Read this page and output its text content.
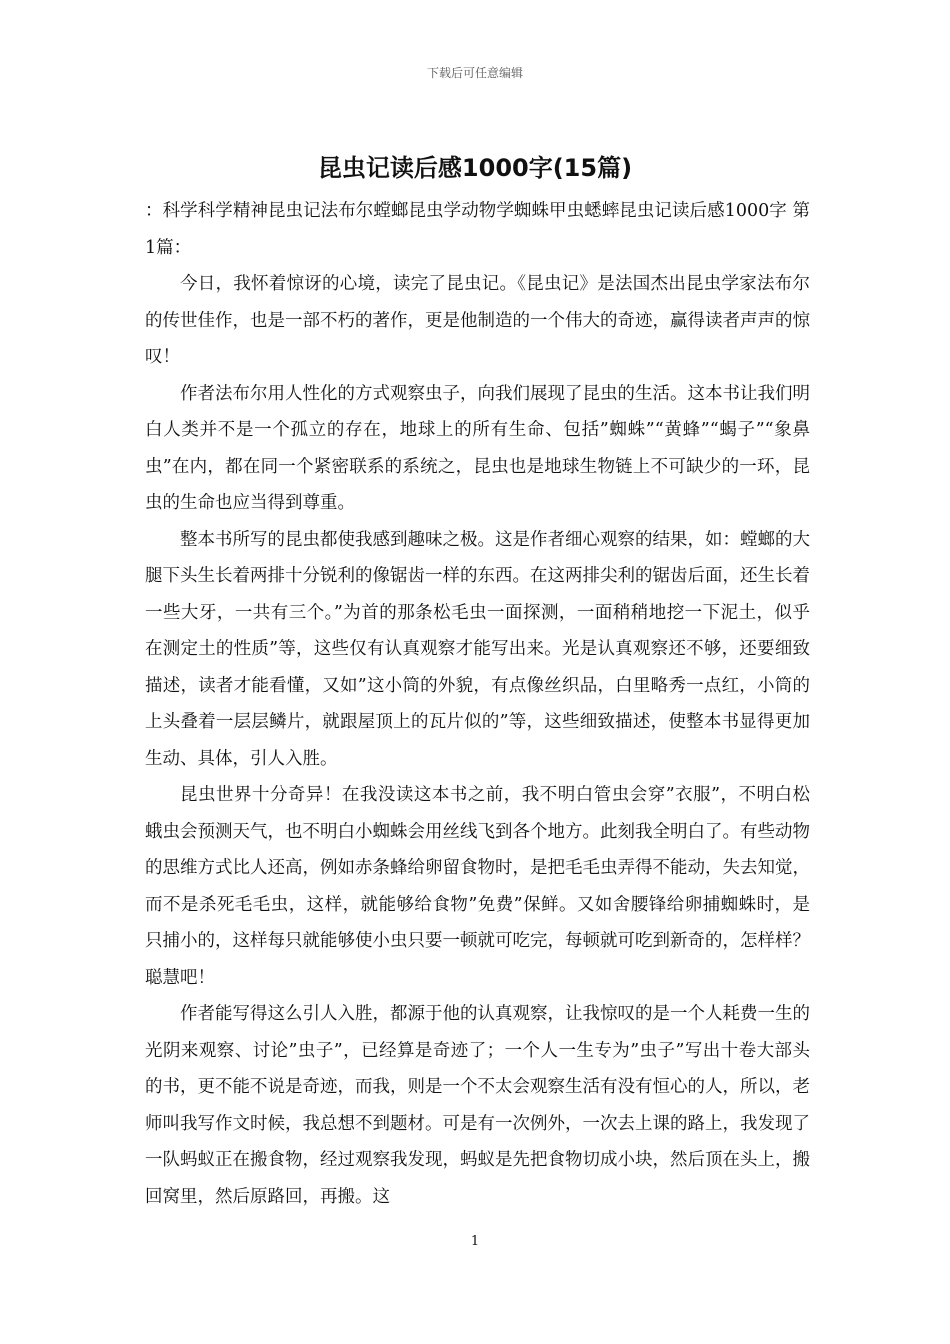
下载后可任意编辑
昆虫记读后感1000字(15篇)

：科学科学精神昆虫记法布尔螳螂昆虫学动物学蜘蛛甲虫蟋蟀昆虫记读后感1000字 第1篇：

今日，我怀着惊讶的心境，读完了昆虫记。《昆虫记》是法国杰出昆虫学家法布尔的传世佳作，也是一部不朽的著作，更是他制造的一个伟大的奇迹，赢得读者声声的惊叹！

作者法布尔用人性化的方式观察虫子，向我们展现了昆虫的生活。这本书让我们明白人类并不是一个孤立的存在，地球上的所有生命、包括”蜘蛛”“黄蜂”“蝎子”“象鼻虫”在内，都在同一个紧密联系的系统之，昆虫也是地球生物链上不可缺少的一环，昆虫的生命也应当得到尊重。

整本书所写的昆虫都使我感到趣味之极。这是作者细心观察的结果，如：螳螂的大腿下头生长着两排十分锐利的像锯齿一样的东西。在这两排尖利的锯齿后面，还生长着一些大牙，一共有三个。”为首的那条松毛虫一面探测，一面稍稍地挖一下泥土，似乎在测定土的性质”等，这些仅有认真观察才能写出来。光是认真观察还不够，还要细致描述，读者才能看懂，又如”这小筒的外貌，有点像丝织品，白里略秀一点红，小筒的上头叠着一层层鳞片，就跟屋顶上的瓦片似的”等，这些细致描述，使整本书显得更加生动、具体，引人入胜。

昆虫世界十分奇异！在我没读这本书之前，我不明白管虫会穿”衣服”，不明白松蛾虫会预测天气，也不明白小蜘蛛会用丝线飞到各个地方。此刻我全明白了。有些动物的思维方式比人还高，例如赤条蜂给卵留食物时，是把毛毛虫弄得不能动，失去知觉，而不是杀死毛毛虫，这样，就能够给食物”免费”保鲜。又如舍腰锋给卵捕蜘蛛时，是只捕小的，这样每只就能够使小虫只要一顿就可吃完，每顿就可吃到新奇的，怎样样？聪慧吧！

作者能写得这么引人入胜，都源于他的认真观察，让我惊叹的是一个人耗费一生的光阴来观察、讨论”虫子”，已经算是奇迹了；一个人一生专为”虫子”写出十卷大部头的书，更不能不说是奇迹，而我，则是一个不太会观察生活有没有恒心的人，所以，老师叫我写作文时候，我总想不到题材。可是有一次例外，一次去上课的路上，我发现了一队蚂蚁正在搬食物，经过观察我发现，蚂蚁是先把食物切成小块，然后顶在头上，搬回窝里，然后原路回，再搬。这

1
